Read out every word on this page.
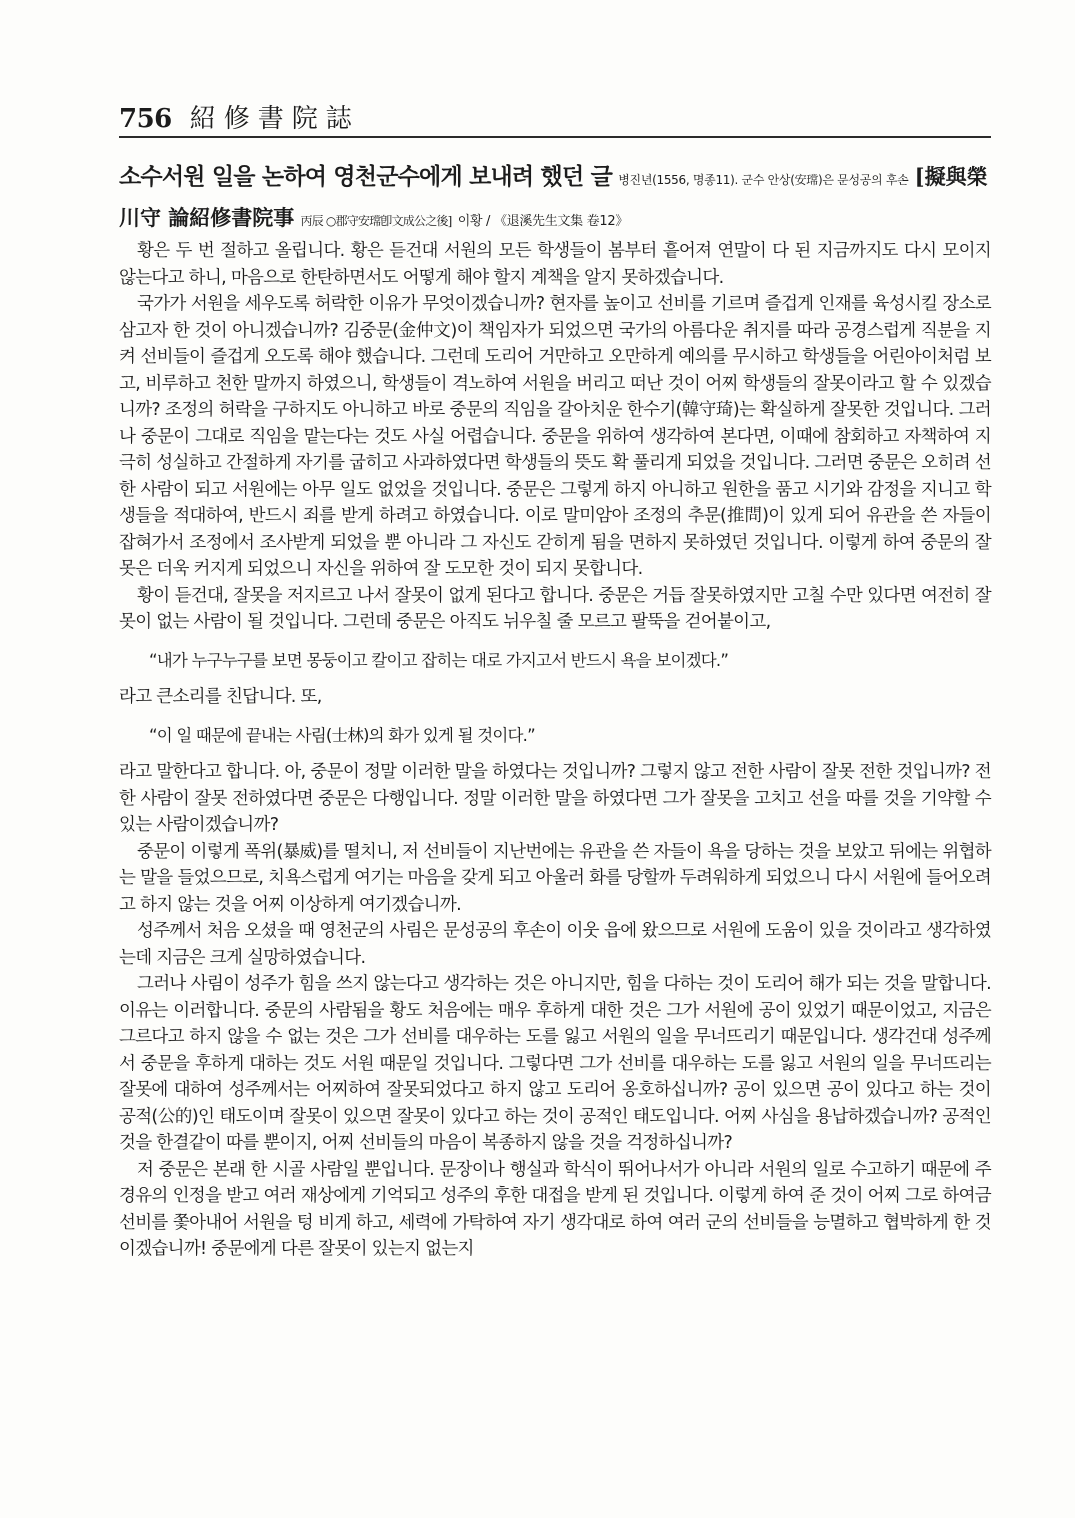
756 紹修書院誌
소수서원 일을 논하여 영천군수에게 보내려 했던 글 병진년(1556, 명종11). 군수 안상(安瑺)은 문성공의 후손 [擬與榮川守 論紹修書院事 丙辰 ○郡守安瑺卽文成公之後] 이황 / 《退溪先生文集 卷12》

황은 두 번 절하고 올립니다. 황은 듣건대 서원의 모든 학생들이 봄부터 흩어져 연말이 다 된 지금까지도 다시 모이지 않는다고 하니, 마음으로 한탄하면서도 어떻게 해야 할지 계책을 알지 못하겠습니다.

국가가 서원을 세우도록 허락한 이유가 무엇이겠습니까? 현자를 높이고 선비를 기르며 즐겁게 인재를 육성시킬 장소로 삼고자 한 것이 아니겠습니까? 김중문(金仲文)이 책임자가 되었으면 국가의 아름다운 취지를 따라 공경스럽게 직분을 지켜 선비들이 즐겁게 오도록 해야 했습니다. 그런데 도리어 거만하고 오만하게 예의를 무시하고 학생들을 어린아이처럼 보고, 비루하고 천한 말까지 하였으니, 학생들이 격노하여 서원을 버리고 떠난 것이 어찌 학생들의 잘못이라고 할 수 있겠습니까? 조정의 허락을 구하지도 아니하고 바로 중문의 직임을 갈아치운 한수기(韓守琦)는 확실하게 잘못한 것입니다. 그러나 중문이 그대로 직임을 맡는다는 것도 사실 어렵습니다. 중문을 위하여 생각하여 본다면, 이때에 참회하고 자책하여 지극히 성실하고 간절하게 자기를 굽히고 사과하였다면 학생들의 뜻도 확 풀리게 되었을 것입니다. 그러면 중문은 오히려 선한 사람이 되고 서원에는 아무 일도 없었을 것입니다. 중문은 그렇게 하지 아니하고 원한을 품고 시기와 감정을 지니고 학생들을 적대하여, 반드시 죄를 받게 하려고 하였습니다. 이로 말미암아 조정의 추문(推問)이 있게 되어 유관을 쓴 자들이 잡혀가서 조정에서 조사받게 되었을 뿐 아니라 그 자신도 갇히게 됨을 면하지 못하였던 것입니다. 이렇게 하여 중문의 잘못은 더욱 커지게 되었으니 자신을 위하여 잘 도모한 것이 되지 못합니다.

황이 듣건대, 잘못을 저지르고 나서 잘못이 없게 된다고 합니다. 중문은 거듭 잘못하였지만 고칠 수만 있다면 여전히 잘못이 없는 사람이 될 것입니다. 그런데 중문은 아직도 뉘우칠 줄 모르고 팔뚝을 걷어붙이고,

“내가 누구누구를 보면 몽둥이고 칼이고 잡히는 대로 가지고서 반드시 욕을 보이겠다.”

라고 큰소리를 친답니다. 또,

“이 일 때문에 끝내는 사림(士林)의 화가 있게 될 것이다.”

라고 말한다고 합니다. 아, 중문이 정말 이러한 말을 하였다는 것입니까? 그렇지 않고 전한 사람이 잘못 전한 것입니까? 전한 사람이 잘못 전하였다면 중문은 다행입니다. 정말 이러한 말을 하였다면 그가 잘못을 고치고 선을 따를 것을 기약할 수 있는 사람이겠습니까?

중문이 이렇게 폭위(暴威)를 떨치니, 저 선비들이 지난번에는 유관을 쓴 자들이 욕을 당하는 것을 보았고 뒤에는 위협하는 말을 들었으므로, 치욕스럽게 여기는 마음을 갖게 되고 아울러 화를 당할까 두려워하게 되었으니 다시 서원에 들어오려고 하지 않는 것을 어찌 이상하게 여기겠습니까.

성주께서 처음 오셨을 때 영천군의 사림은 문성공의 후손이 이웃 읍에 왔으므로 서원에 도움이 있을 것이라고 생각하였는데 지금은 크게 실망하였습니다.

그러나 사림이 성주가 힘을 쓰지 않는다고 생각하는 것은 아니지만, 힘을 다하는 것이 도리어 해가 되는 것을 말합니다. 이유는 이러합니다. 중문의 사람됨을 황도 처음에는 매우 후하게 대한 것은 그가 서원에 공이 있었기 때문이었고, 지금은 그르다고 하지 않을 수 없는 것은 그가 선비를 대우하는 도를 잃고 서원의 일을 무너뜨리기 때문입니다. 생각건대 성주께서 중문을 후하게 대하는 것도 서원 때문일 것입니다. 그렇다면 그가 선비를 대우하는 도를 잃고 서원의 일을 무너뜨리는 잘못에 대하여 성주께서는 어찌하여 잘못되었다고 하지 않고 도리어 옹호하십니까? 공이 있으면 공이 있다고 하는 것이 공적(公的)인 태도이며 잘못이 있으면 잘못이 있다고 하는 것이 공적인 태도입니다. 어찌 사심을 용납하겠습니까? 공적인 것을 한결같이 따를 뿐이지, 어찌 선비들의 마음이 복종하지 않을 것을 걱정하십니까?

저 중문은 본래 한 시골 사람일 뿐입니다. 문장이나 행실과 학식이 뛰어나서가 아니라 서원의 일로 수고하기 때문에 주경유의 인정을 받고 여러 재상에게 기억되고 성주의 후한 대접을 받게 된 것입니다. 이렇게 하여 준 것이 어찌 그로 하여금 선비를 쫓아내어 서원을 텅 비게 하고, 세력에 가탁하여 자기 생각대로 하여 여러 군의 선비들을 능멸하고 협박하게 한 것이겠습니까! 중문에게 다른 잘못이 있는지 없는지
